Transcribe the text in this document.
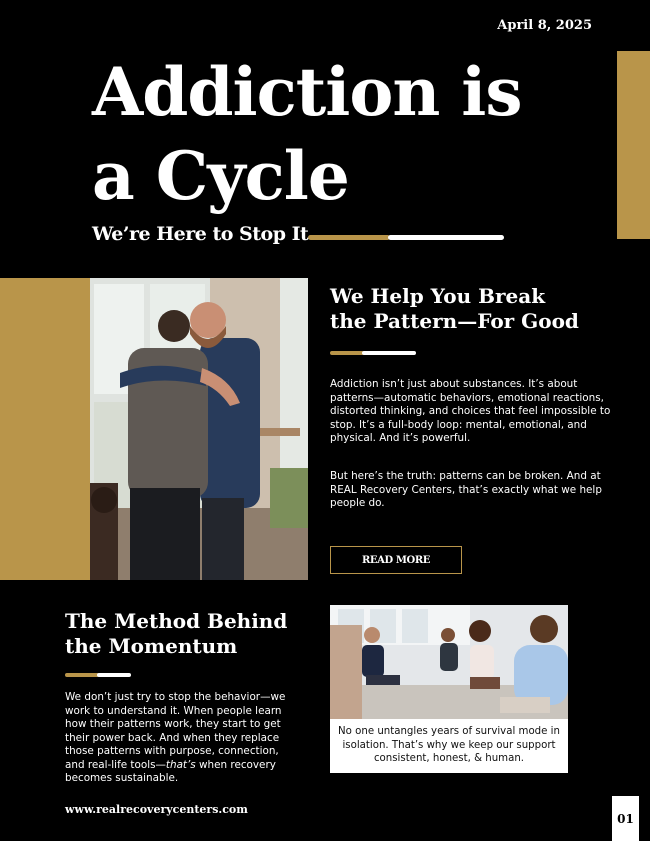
April 8, 2025
Addiction is
a Cycle
We’re Here to Stop It
We Help You Break
the Pattern—For Good
Addiction isn’t just about substances. It’s about patterns—automatic behaviors, emotional reactions, distorted thinking, and choices that feel impossible to stop. It’s a full-body loop: mental, emotional, and physical. And it’s powerful.
But here’s the truth: patterns can be broken. And at REAL Recovery Centers, that’s exactly what we help people do.
READ MORE
The Method Behind
the Momentum
We don’t just try to stop the behavior—we work to understand it. When people learn how their patterns work, they start to get their power back. And when they replace those patterns with purpose, connection, and real-life tools—that’s when recovery becomes sustainable.
No one untangles years of survival mode in isolation. That’s why we keep our support consistent, honest, & human.
www.realrecoverycenters.com
01
